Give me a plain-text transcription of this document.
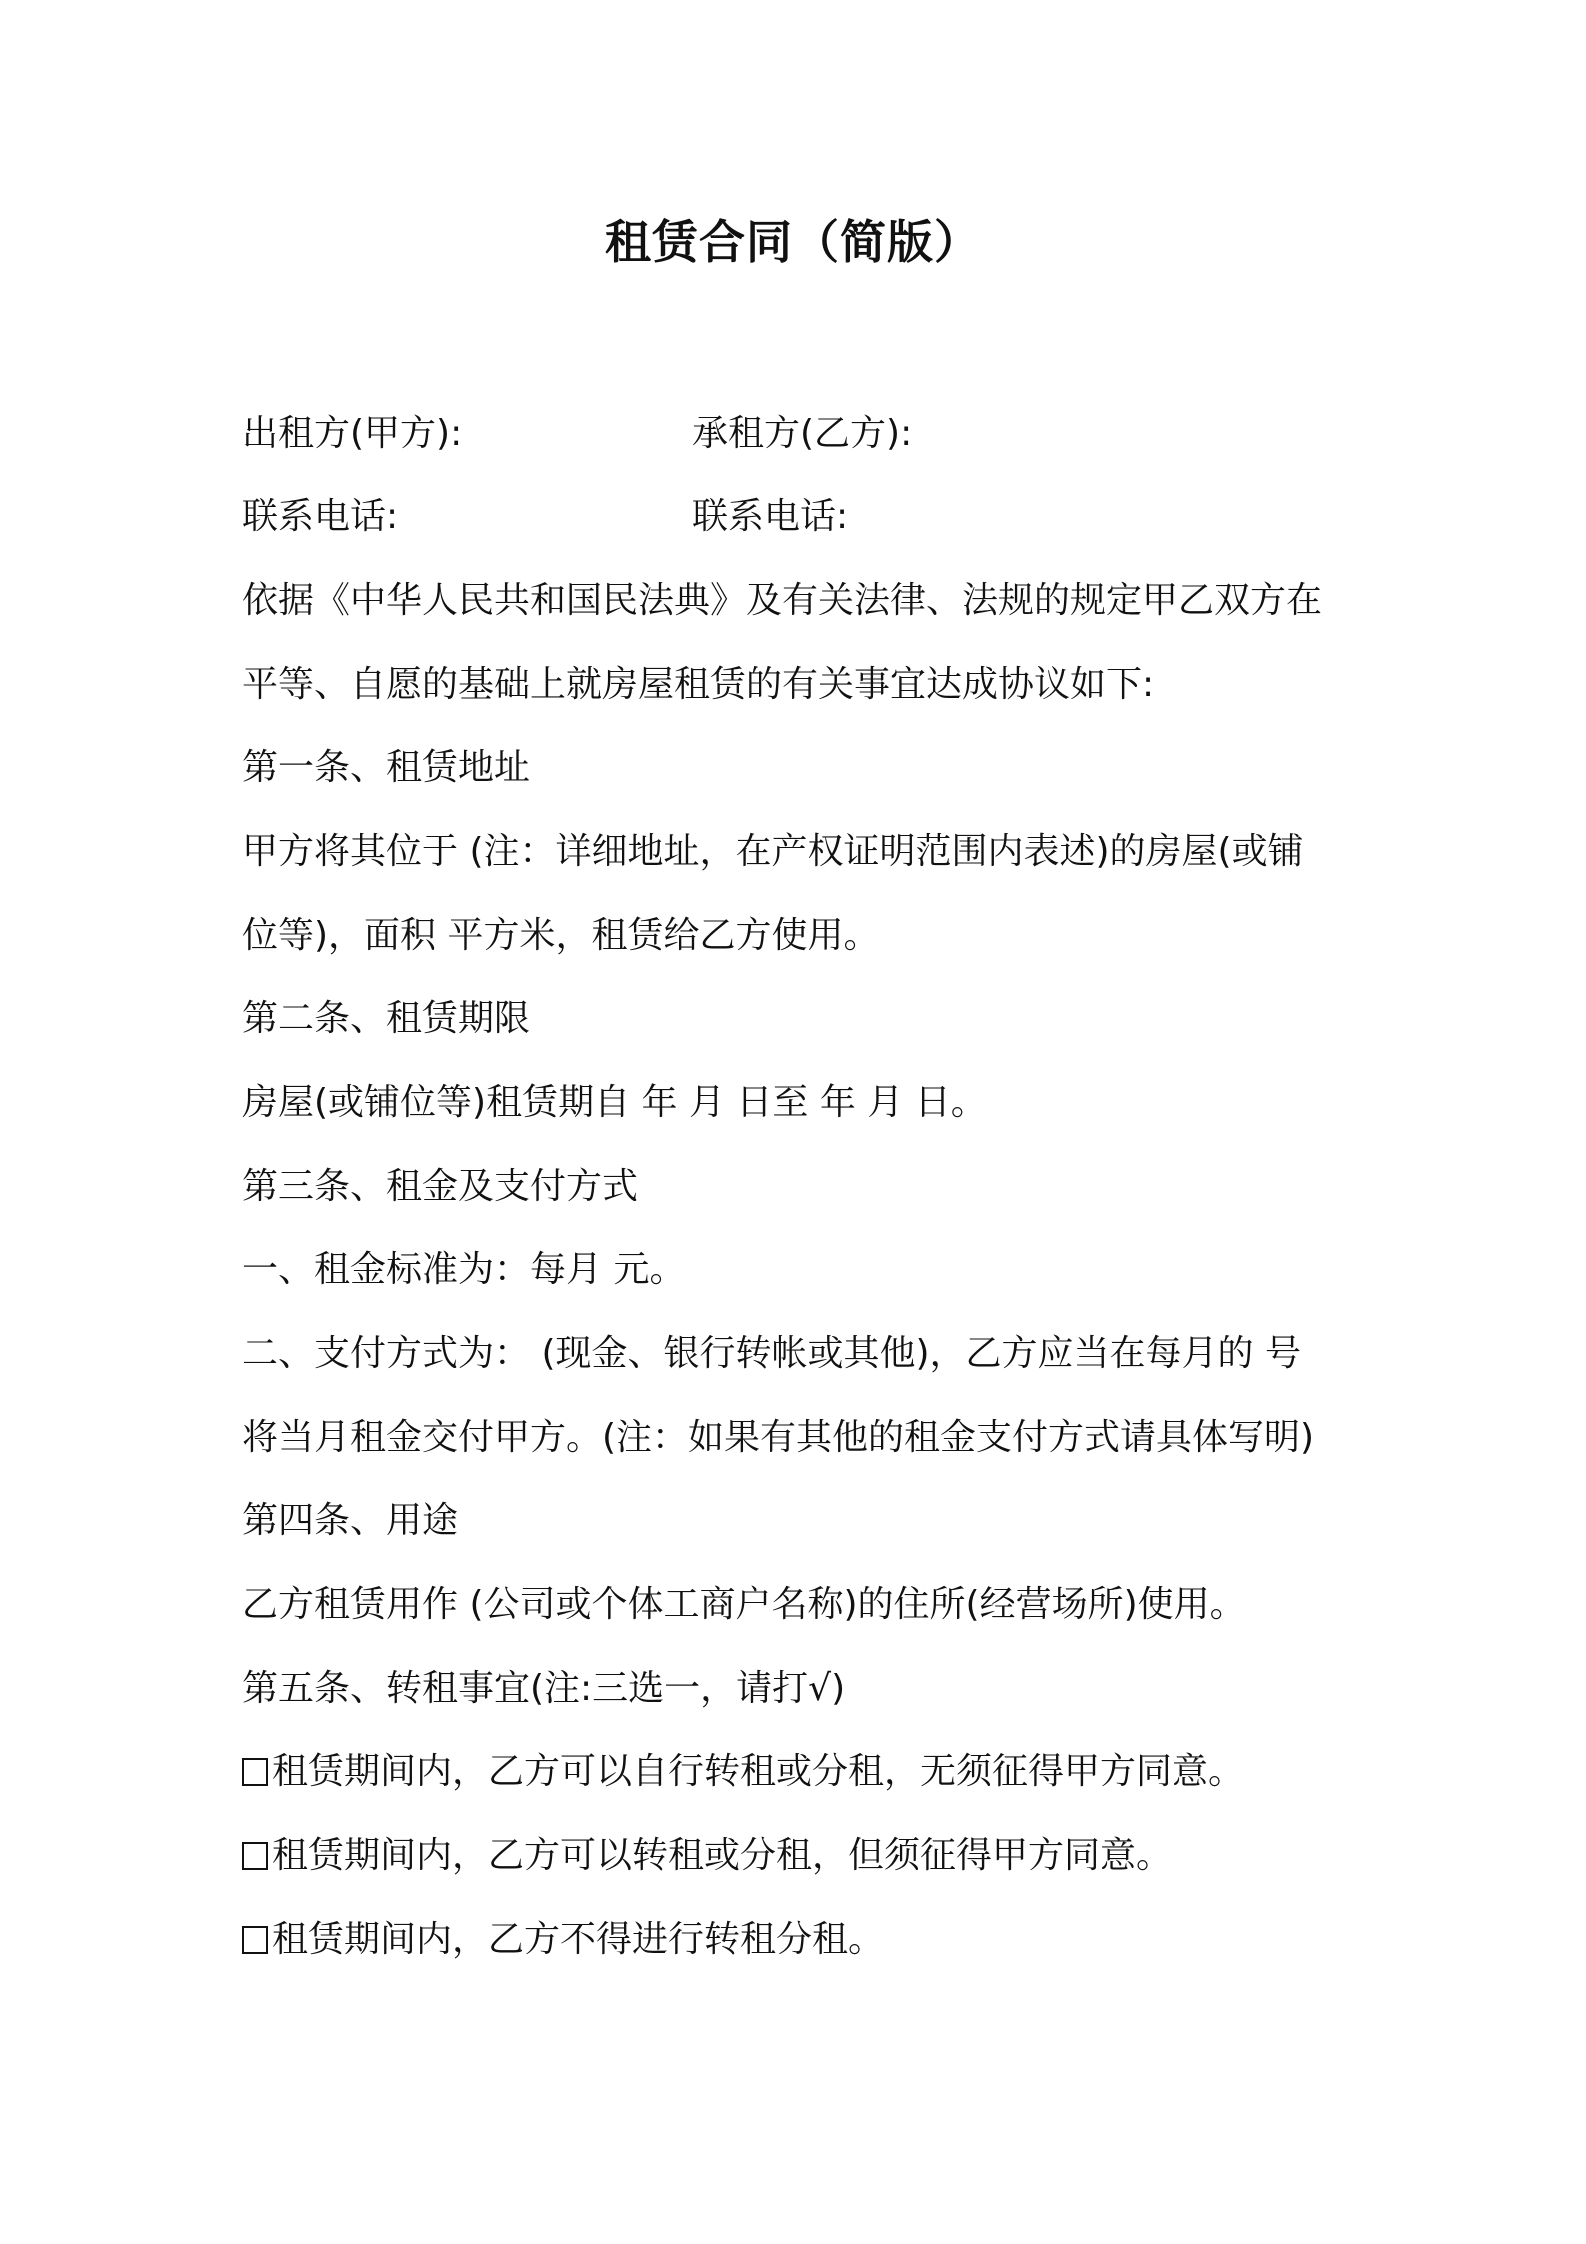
租赁合同（简版）
出租方(甲方):	承租方(乙方):
联系电话:	联系电话:

依据《中华人民共和国民法典》及有关法律、法规的规定甲乙双方在

平等、自愿的基础上就房屋租赁的有关事宜达成协议如下:

第一条、租赁地址

甲方将其位于 (注：详细地址，在产权证明范围内表述)的房屋(或铺

位等)，面积 平方米，租赁给乙方使用。

第二条、租赁期限

房屋(或铺位等)租赁期自 年 月 日至 年 月 日。

第三条、租金及支付方式

一、租金标准为：每月 元。

二、支付方式为： (现金、银行转帐或其他)，乙方应当在每月的 号

将当月租金交付甲方。(注：如果有其他的租金支付方式请具体写明)

第四条、用途

乙方租赁用作 (公司或个体工商户名称)的住所(经营场所)使用。

第五条、转租事宜(注:三选一，请打√)

租赁期间内，乙方可以自行转租或分租，无须征得甲方同意。
租赁期间内，乙方可以转租或分租，但须征得甲方同意。
租赁期间内，乙方不得进行转租分租。
